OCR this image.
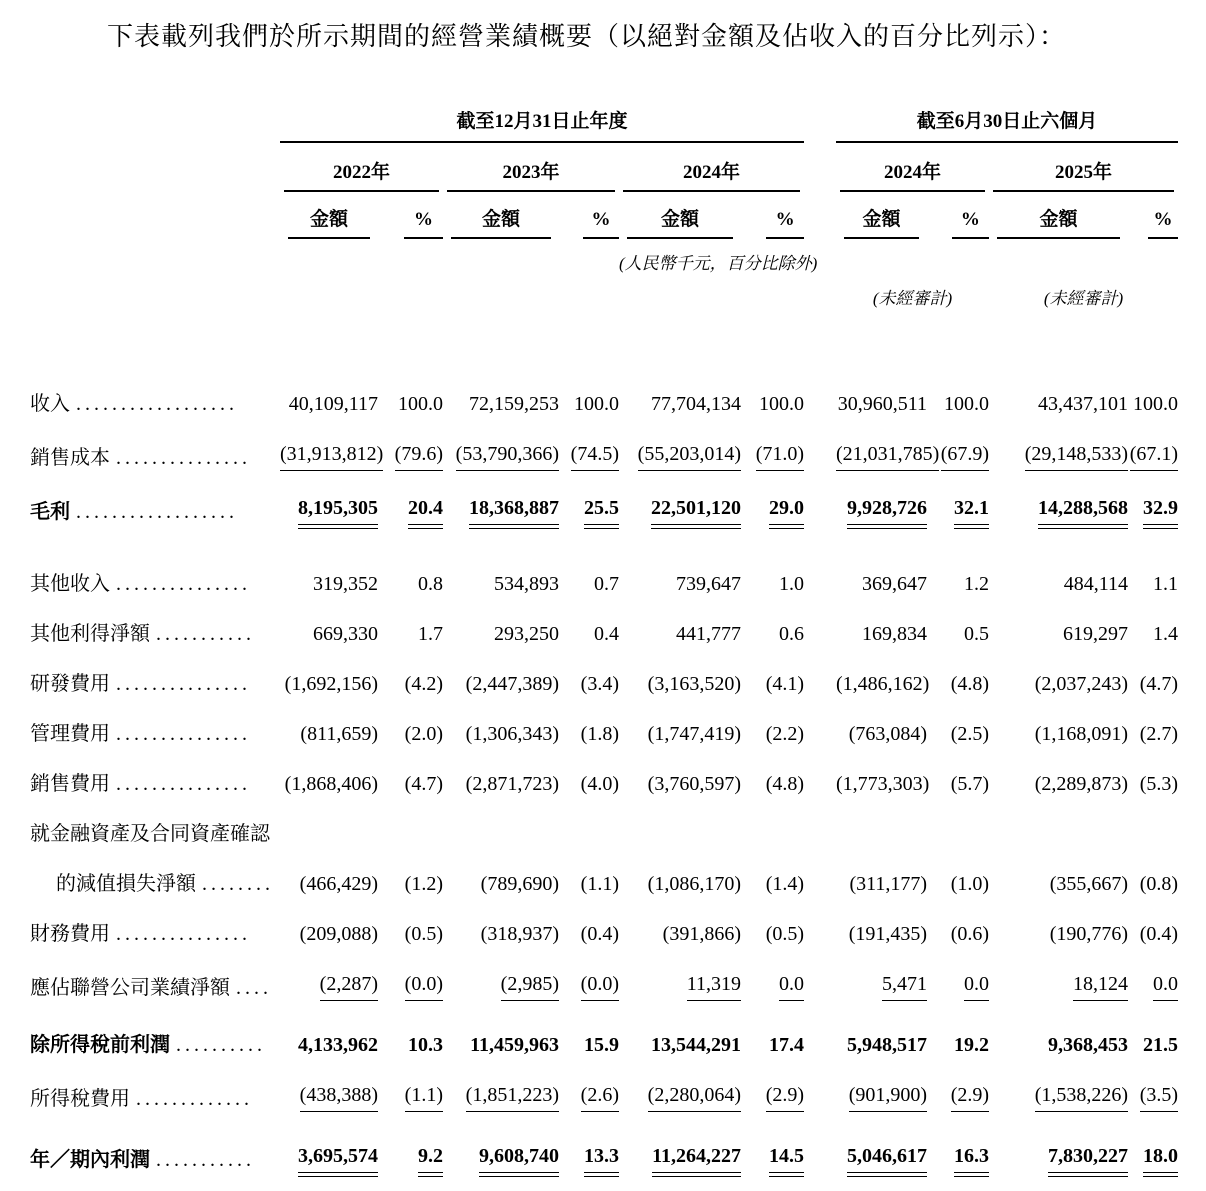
下表載列我們於所示期間的經營業績概要（以絕對金額及佔收入的百分比列示）：

	截至12月31日止年度							截至6月30日止六個月			

	2022年		2023年		2024年			2024年		2025年	

	金額	%	金額	%	金額	%		金額	%	金額	%

					(人民幣千元，百分比除外)						
								(未經審計)		(未經審計)	

收入 ..................	40,109,117	100.0	72,159,253	100.0	77,704,134	100.0		30,960,511	100.0	43,437,101	100.0
銷售成本 ...............	(31,913,812)	(79.6)	(53,790,366)	(74.5)	(55,203,014)	(71.0)		(21,031,785)	(67.9)	(29,148,533)	(67.1)
毛利 ..................	8,195,305	20.4	18,368,887	25.5	22,501,120	29.0		9,928,726	32.1	14,288,568	32.9
其他收入 ...............	319,352	0.8	534,893	0.7	739,647	1.0		369,647	1.2	484,114	1.1
其他利得淨額 ...........	669,330	1.7	293,250	0.4	441,777	0.6		169,834	0.5	619,297	1.4
研發費用 ...............	(1,692,156)	(4.2)	(2,447,389)	(3.4)	(3,163,520)	(4.1)		(1,486,162)	(4.8)	(2,037,243)	(4.7)
管理費用 ...............	(811,659)	(2.0)	(1,306,343)	(1.8)	(1,747,419)	(2.2)		(763,084)	(2.5)	(1,168,091)	(2.7)
銷售費用 ...............	(1,868,406)	(4.7)	(2,871,723)	(4.0)	(3,760,597)	(4.8)		(1,773,303)	(5.7)	(2,289,873)	(5.3)
就金融資產及合同資產確認											
的減值損失淨額 ........	(466,429)	(1.2)	(789,690)	(1.1)	(1,086,170)	(1.4)		(311,177)	(1.0)	(355,667)	(0.8)
財務費用 ...............	(209,088)	(0.5)	(318,937)	(0.4)	(391,866)	(0.5)		(191,435)	(0.6)	(190,776)	(0.4)
應佔聯營公司業績淨額 ....	(2,287)	(0.0)	(2,985)	(0.0)	11,319	0.0		5,471	0.0	18,124	0.0
除所得稅前利潤 ..........	4,133,962	10.3	11,459,963	15.9	13,544,291	17.4		5,948,517	19.2	9,368,453	21.5
所得稅費用 .............	(438,388)	(1.1)	(1,851,223)	(2.6)	(2,280,064)	(2.9)		(901,900)	(2.9)	(1,538,226)	(3.5)
年／期內利潤 ...........	3,695,574	9.2	9,608,740	13.3	11,264,227	14.5		5,046,617	16.3	7,830,227	18.0
